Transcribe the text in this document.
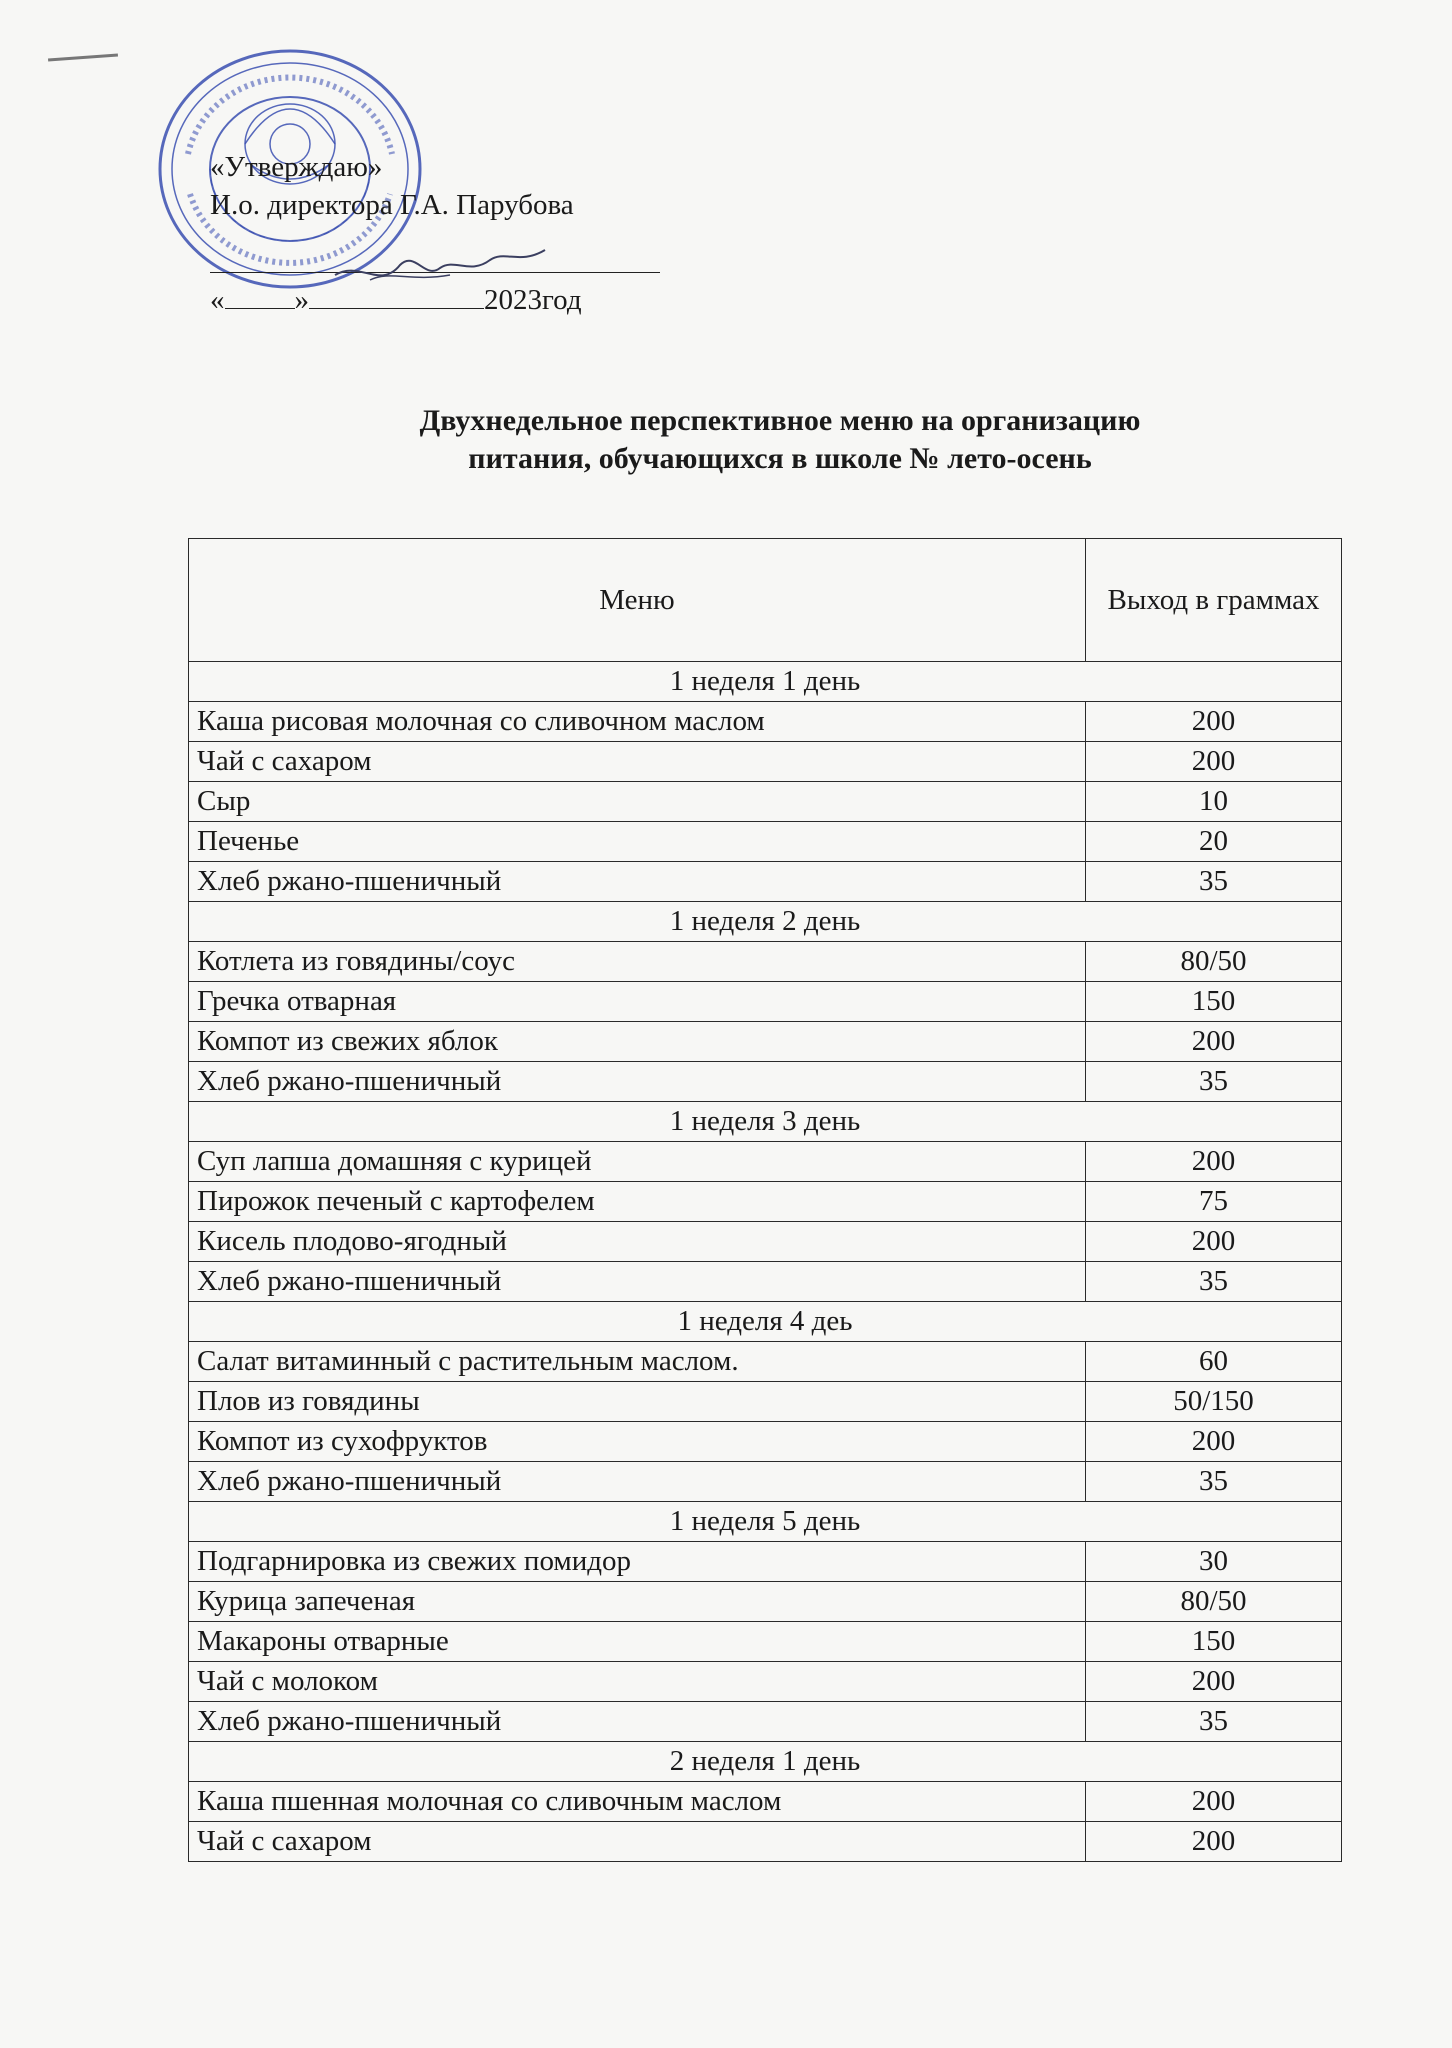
«Утверждаю»
И.о. директора Г.А. Парубова
« »	2023год
Двухнедельное перспективное меню на организацию
питания, обучающихся в школе № лето-осень
Меню	Выход в граммах
1 неделя 1 день	
Каша рисовая молочная со сливочном маслом	200
Чай с сахаром	200
Сыр	10
Печенье	20
Хлеб ржано-пшеничный	35
1 неделя 2 день	
Котлета из говядины/соус	80/50
Гречка отварная	150
Компот из свежих яблок	200
Хлеб ржано-пшеничный	35
1 неделя 3 день	
Суп лапша домашняя с курицей	200
Пирожок печеный с картофелем	75
Кисель плодово-ягодный	200
Хлеб ржано-пшеничный	35
1 неделя 4 деь	
Салат витаминный с растительным маслом.	60
Плов из говядины	50/150
Компот из сухофруктов	200
Хлеб ржано-пшеничный	35
1 неделя 5 день	
Подгарнировка из свежих помидор	30
Курица запеченая	80/50
Макароны отварные	150
Чай с молоком	200
Хлеб ржано-пшеничный	35
2 неделя 1 день	
Каша пшенная молочная со сливочным маслом	200
Чай с сахаром	200
